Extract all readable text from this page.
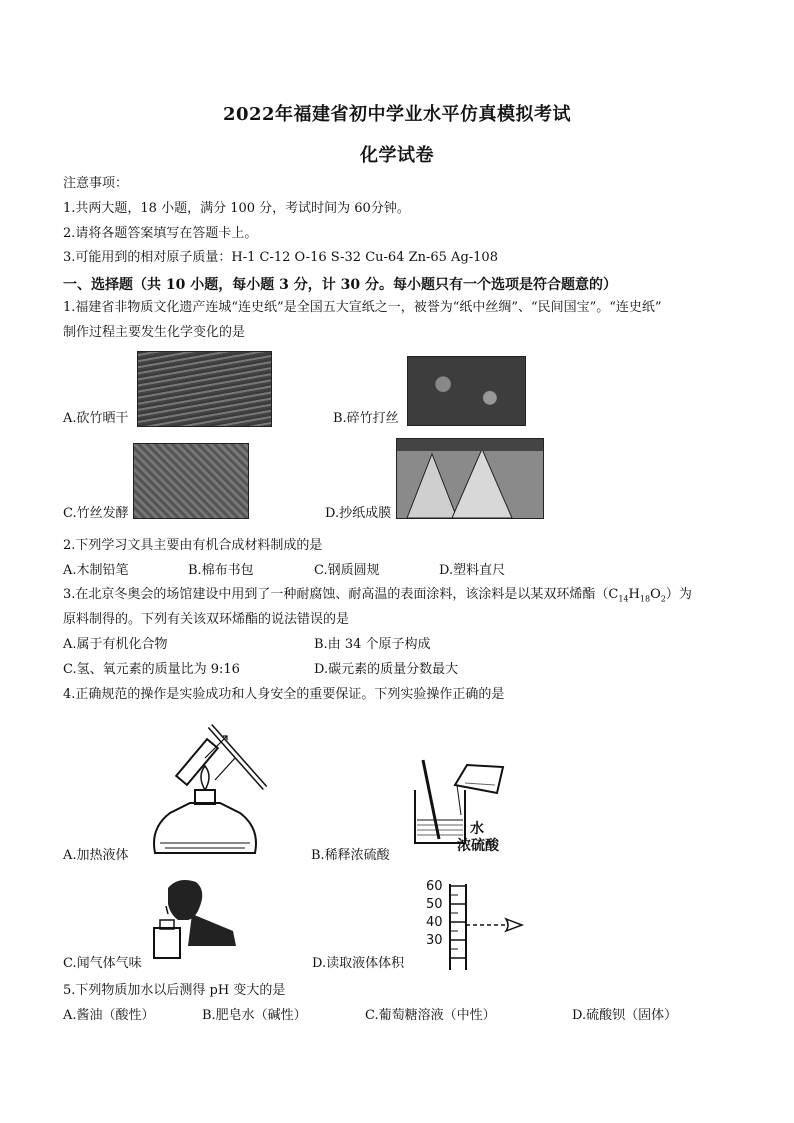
2022年福建省初中学业水平仿真模拟考试
化学试卷
注意事项：
1.共两大题，18 小题，满分 100 分，考试时间为 60分钟。
2.请将各题答案填写在答题卡上。
3.可能用到的相对原子质量：H-1 C-12 O-16 S-32 Cu-64 Zn-65 Ag-108
一、选择题（共 10 小题，每小题 3 分，计 30 分。每小题只有一个选项是符合题意的）
1.福建省非物质文化遗产连城“连史纸”是全国五大宣纸之一，被誉为“纸中丝绸”、“民间国宝”。“连史纸”
制作过程主要发生化学变化的是
A.砍竹晒干	B.碎竹打丝
C.竹丝发酵	D.抄纸成膜
2.下列学习文具主要由有机合成材料制成的是
A.木制铅笔	B.棉布书包	C.钢质圆规	D.塑料直尺
3.在北京冬奥会的场馆建设中用到了一种耐腐蚀、耐高温的表面涂料，该涂料是以某双环烯酯$(C_{14}H_{18}O_2)$为
原料制得的。下列有关该双环烯酯的说法错误的是
A.属于有机化合物	B.由 34 个原子构成
C.氢、氧元素的质量比为 9:16	D.碳元素的质量分数最大
4.正确规范的操作是实验成功和人身安全的重要保证。下列实验操作正确的是
A.加热液体
水
浓硫酸
B.稀释浓硫酸
C.闻气体气味
60
50
40
30
D.读取液体体积
5.下列物质加水以后测得 pH 变大的是
A.酱油（酸性）	B.肥皂水（碱性）	C.葡萄糖溶液（中性）	D.硫酸钡（固体）
